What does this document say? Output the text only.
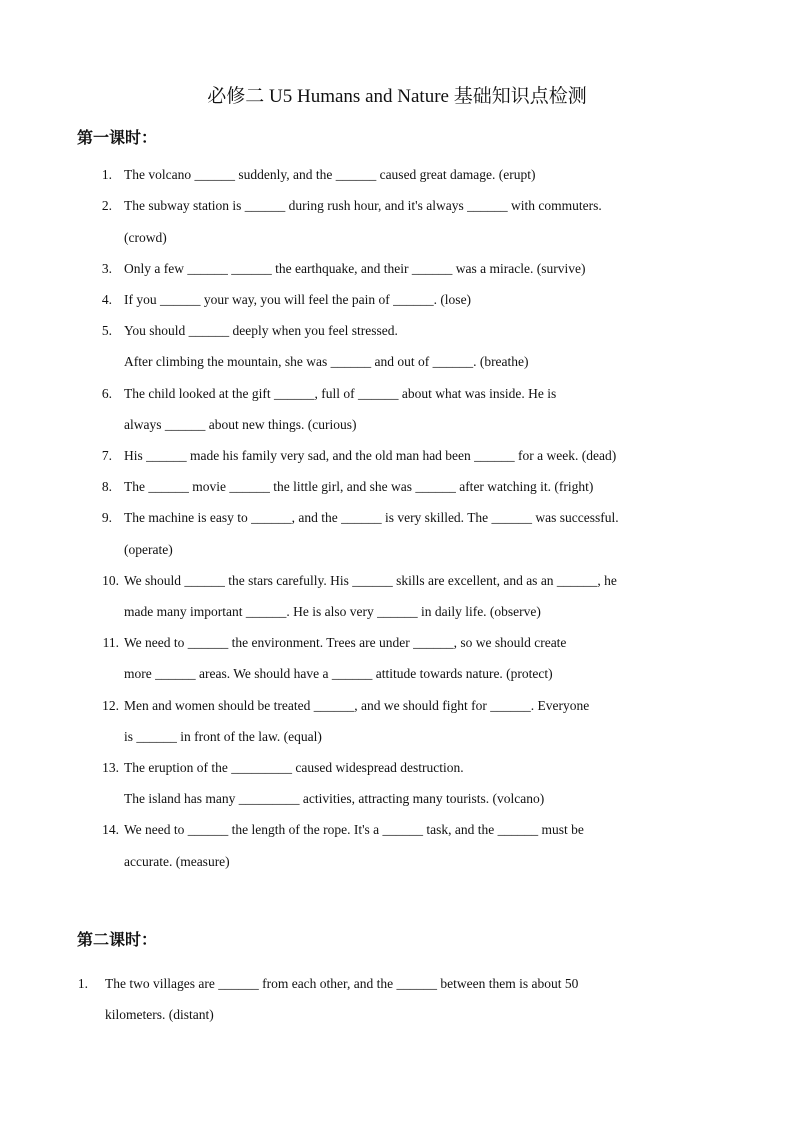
必修二 U5 Humans and Nature 基础知识点检测
第一课时：
1. The volcano ______ suddenly, and the ______ caused great damage. (erupt)
2. The subway station is ______ during rush hour, and it's always ______ with commuters.
(crowd)
3. Only a few ______ ______ the earthquake, and their ______ was a miracle. (survive)
4. If you ______ your way, you will feel the pain of ______. (lose)
5. You should ______ deeply when you feel stressed.
After climbing the mountain, she was ______ and out of ______. (breathe)
6. The child looked at the gift ______, full of ______ about what was inside. He is
always ______ about new things. (curious)
7. His ______ made his family very sad, and the old man had been ______ for a week. (dead)
8. The ______ movie ______ the little girl, and she was ______ after watching it. (fright)
9. The machine is easy to ______, and the ______ is very skilled. The ______ was successful.
(operate)
10. We should ______ the stars carefully. His ______ skills are excellent, and as an ______, he
made many important ______. He is also very ______ in daily life. (observe)
11. We need to ______ the environment. Trees are under ______, so we should create
more ______ areas. We should have a ______ attitude towards nature. (protect)
12. Men and women should be treated ______, and we should fight for ______. Everyone
is ______ in front of the law. (equal)
13. The eruption of the _________ caused widespread destruction.
The island has many _________ activities, attracting many tourists. (volcano)
14. We need to ______ the length of the rope. It's a ______ task, and the ______ must be
accurate. (measure)
第二课时：
1. The two villages are ______ from each other, and the ______ between them is about 50
kilometers. (distant)
